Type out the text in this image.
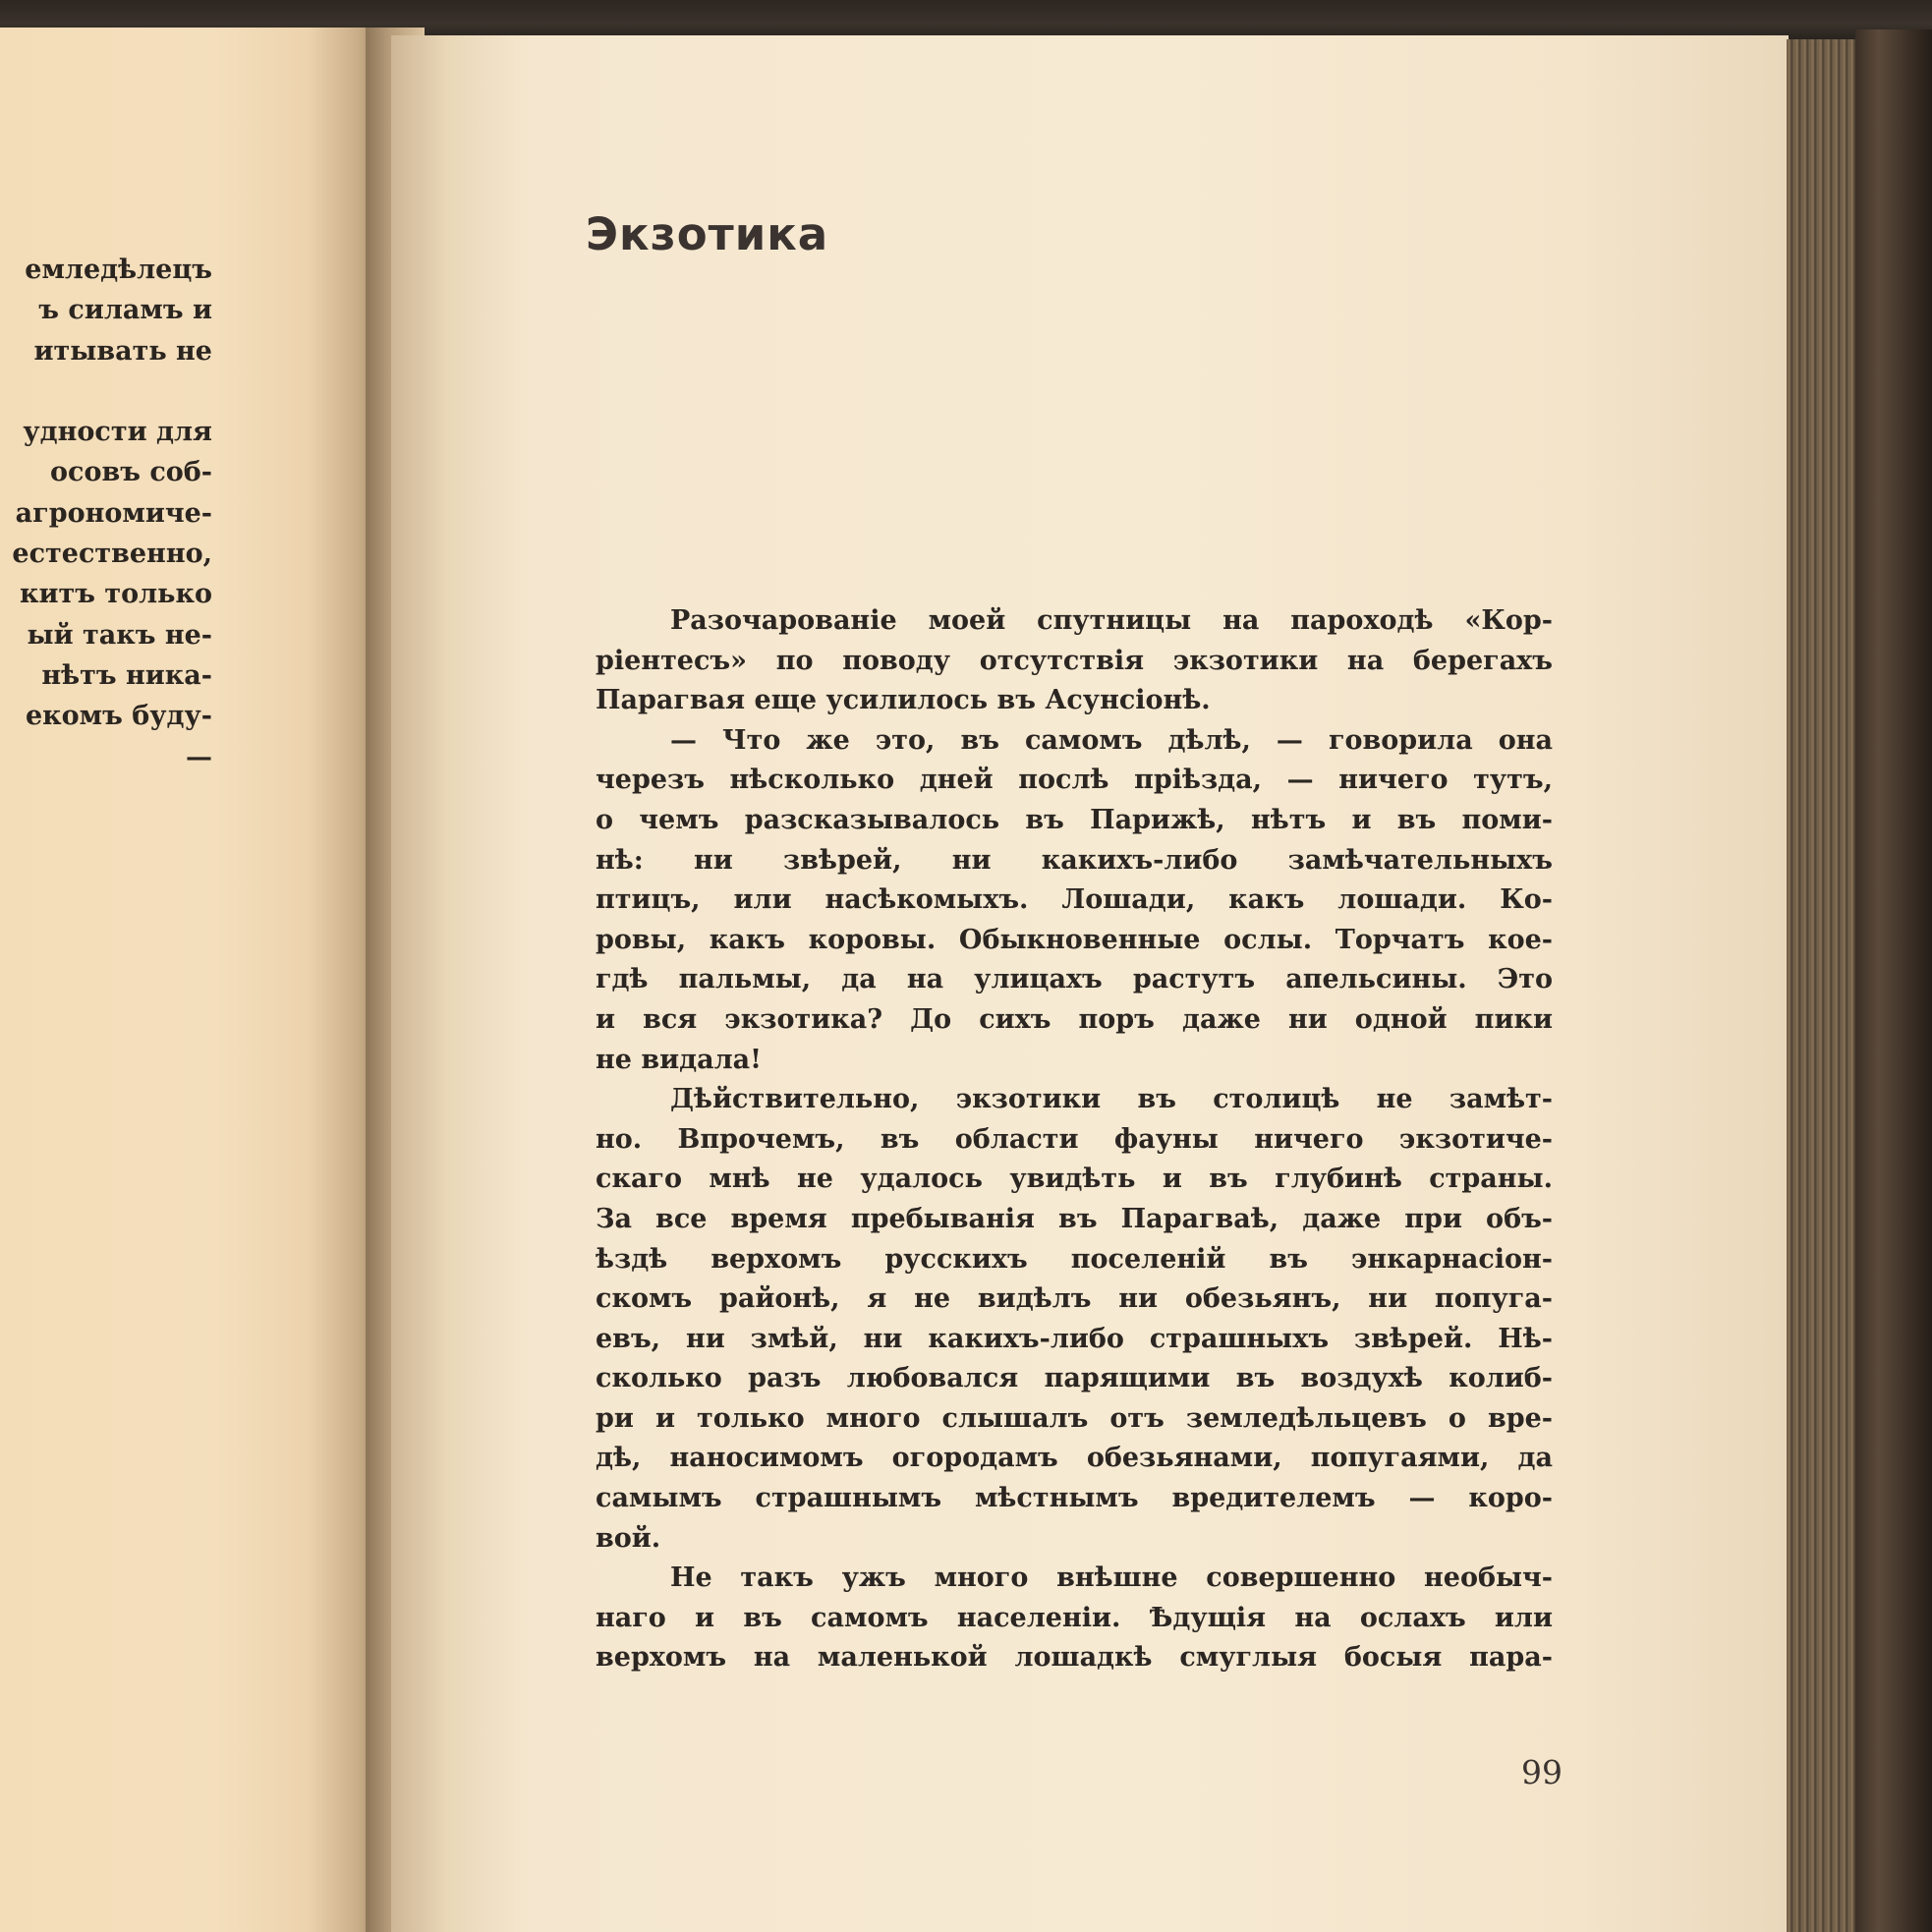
емледѣлецъ
ъ силамъ и
итывать не
удности для
осовъ соб-
агрономиче-
естественно,
китъ только
ый такъ не-
нѣтъ ника-
екомъ буду-
—
Экзотика
Разочарованіе моей спутницы на пароходѣ «Кор-
ріентесъ» по поводу отсутствія экзотики на берегахъ
Парагвая еще усилилось въ Асунсіонѣ.
— Что же это, въ самомъ дѣлѣ, — говорила она
черезъ нѣсколько дней послѣ пріѣзда, — ничего тутъ,
о чемъ разсказывалось въ Парижѣ, нѣтъ и въ поми-
нѣ: ни звѣрей, ни какихъ-либо замѣчательныхъ
птицъ, или насѣкомыхъ. Лошади, какъ лошади. Ко-
ровы, какъ коровы. Обыкновенные ослы. Торчатъ кое-
гдѣ пальмы, да на улицахъ растутъ апельсины. Это
и вся экзотика? До сихъ поръ даже ни одной пики
не видала!
Дѣйствительно, экзотики въ столицѣ не замѣт-
но. Впрочемъ, въ области фауны ничего экзотиче-
скаго мнѣ не удалось увидѣть и въ глубинѣ страны.
За все время пребыванія въ Парагваѣ, даже при объ-
ѣздѣ верхомъ русскихъ поселеній въ энкарнасіон-
скомъ районѣ, я не видѣлъ ни обезьянъ, ни попуга-
евъ, ни змѣй, ни какихъ-либо страшныхъ звѣрей. Нѣ-
сколько разъ любовался парящими въ воздухѣ колиб-
ри и только много слышалъ отъ земледѣльцевъ о вре-
дѣ, наносимомъ огородамъ обезьянами, попугаями, да
самымъ страшнымъ мѣстнымъ вредителемъ — коро-
вой.
Не такъ ужъ много внѣшне совершенно необыч-
наго и въ самомъ населеніи. Ѣдущія на ослахъ или
верхомъ на маленькой лошадкѣ смуглыя босыя пара-
99
